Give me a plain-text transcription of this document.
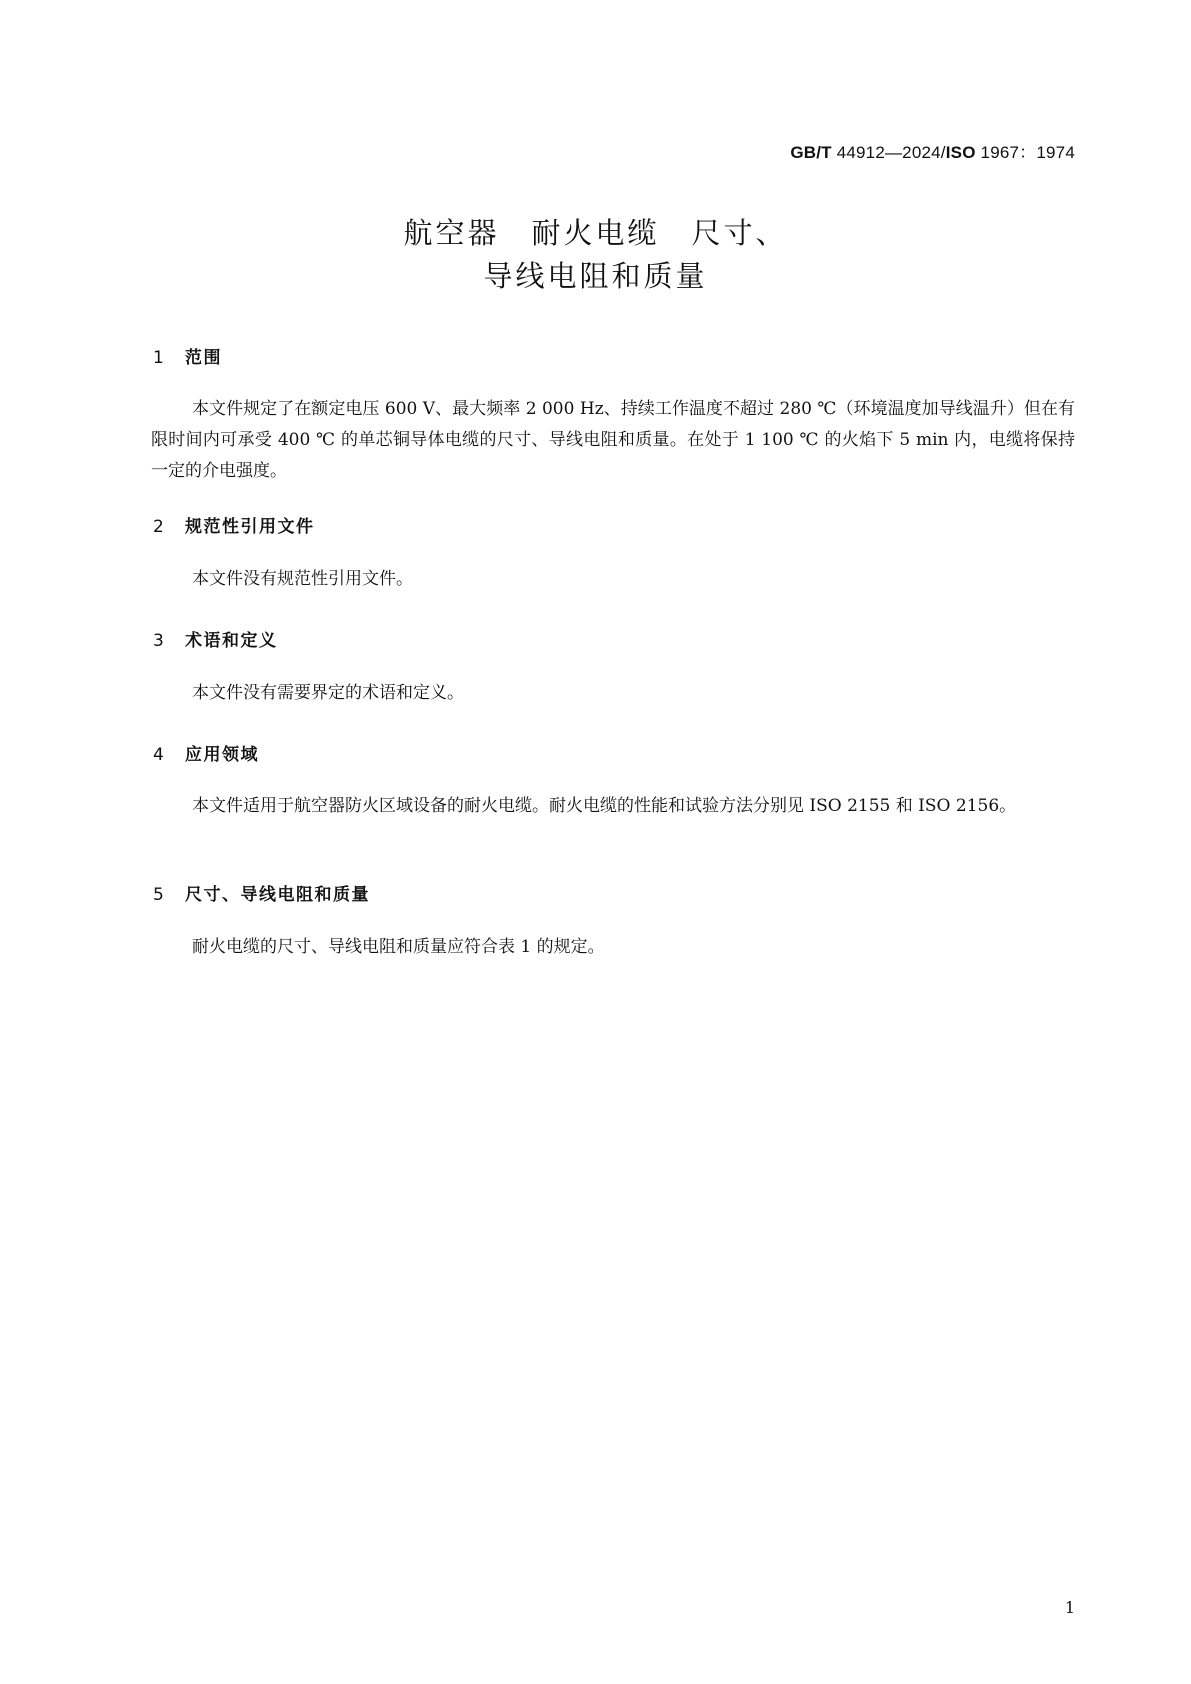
GB/T 44912—2024/ISO 1967：1974
航空器　耐火电缆　尺寸、
导线电阻和质量
1 范围
本文件规定了在额定电压 600 V、最大频率 2 000 Hz、持续工作温度不超过 280 ℃（环境温度加导线温升）但在有限时间内可承受 400 ℃ 的单芯铜导体电缆的尺寸、导线电阻和质量。在处于 1 100 ℃ 的火焰下 5 min 内，电缆将保持一定的介电强度。
2 规范性引用文件
本文件没有规范性引用文件。
3 术语和定义
本文件没有需要界定的术语和定义。
4 应用领域
本文件适用于航空器防火区域设备的耐火电缆。耐火电缆的性能和试验方法分别见 ISO 2155 和 ISO 2156。
5 尺寸、导线电阻和质量
耐火电缆的尺寸、导线电阻和质量应符合表 1 的规定。
1
